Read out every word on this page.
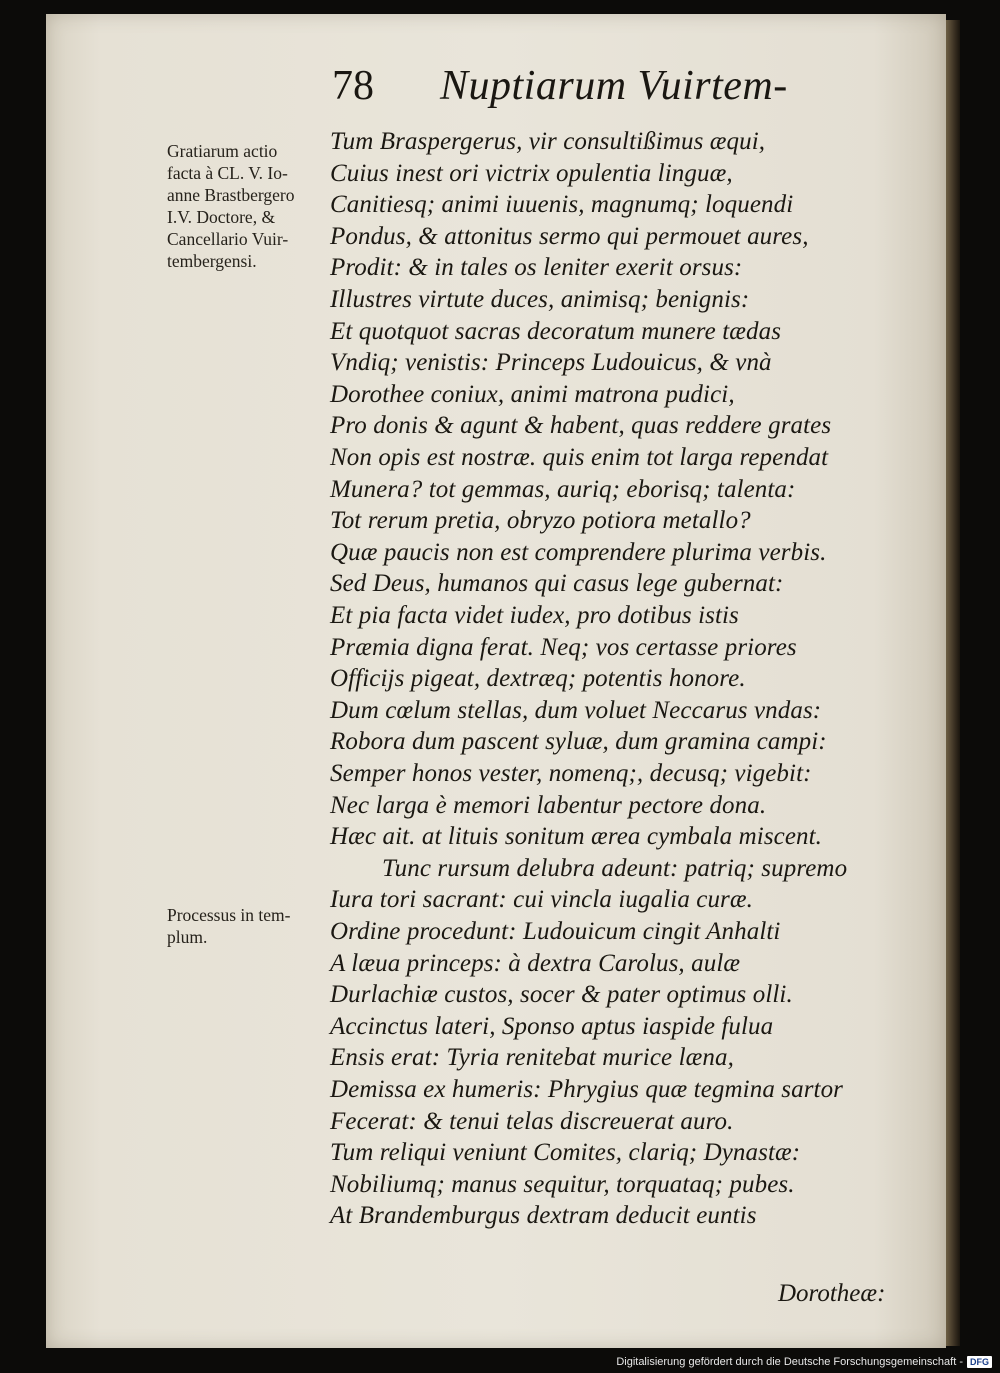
78 Nuptiarum Vuirtem-
Gratiarum actio
facta à CL. V. Io-
anne Brastbergero
I.V. Doctore, &
Cancellario Vuir-
tembergensi.
Processus in tem-
plum.
Tum Braspergerus, vir consultißimus æqui,
Cuius inest ori victrix opulentia linguæ,
Canitiesq; animi iuuenis, magnumq; loquendi
Pondus, & attonitus sermo qui permouet aures,
Prodit: & in tales os leniter exerit orsus:
Illustres virtute duces, animisq; benignis:
Et quotquot sacras decoratum munere tædas
Vndiq; venistis: Princeps Ludouicus, & vnà
Dorothee coniux, animi matrona pudici,
Pro donis & agunt & habent, quas reddere grates
Non opis est nostræ. quis enim tot larga rependat
Munera? tot gemmas, auriq; eborisq; talenta:
Tot rerum pretia, obryzo potiora metallo?
Quæ paucis non est comprendere plurima verbis.
Sed Deus, humanos qui casus lege gubernat:
Et pia facta videt iudex, pro dotibus istis
Præmia digna ferat. Neq; vos certasse priores
Officijs pigeat, dextræq; potentis honore.
Dum cœlum stellas, dum voluet Neccarus vndas:
Robora dum pascent syluæ, dum gramina campi:
Semper honos vester, nomenq;, decusq; vigebit:
Nec larga è memori labentur pectore dona.
Hæc ait. at lituis sonitum ærea cymbala miscent.
Tunc rursum delubra adeunt: patriq; supremo
Iura tori sacrant: cui vincla iugalia curæ.
Ordine procedunt: Ludouicum cingit Anhalti
A læua princeps: à dextra Carolus, aulæ
Durlachiæ custos, socer & pater optimus olli.
Accinctus lateri, Sponso aptus iaspide fulua
Ensis erat: Tyria renitebat murice læna,
Demissa ex humeris: Phrygius quæ tegmina sartor
Fecerat: & tenui telas discreuerat auro.
Tum reliqui veniunt Comites, clariq; Dynastæ:
Nobiliumq; manus sequitur, torquataq; pubes.
At Brandemburgus dextram deducit euntis
Dorotheæ:
Digitalisierung gefördert durch die Deutsche Forschungsgemeinschaft - DFG
